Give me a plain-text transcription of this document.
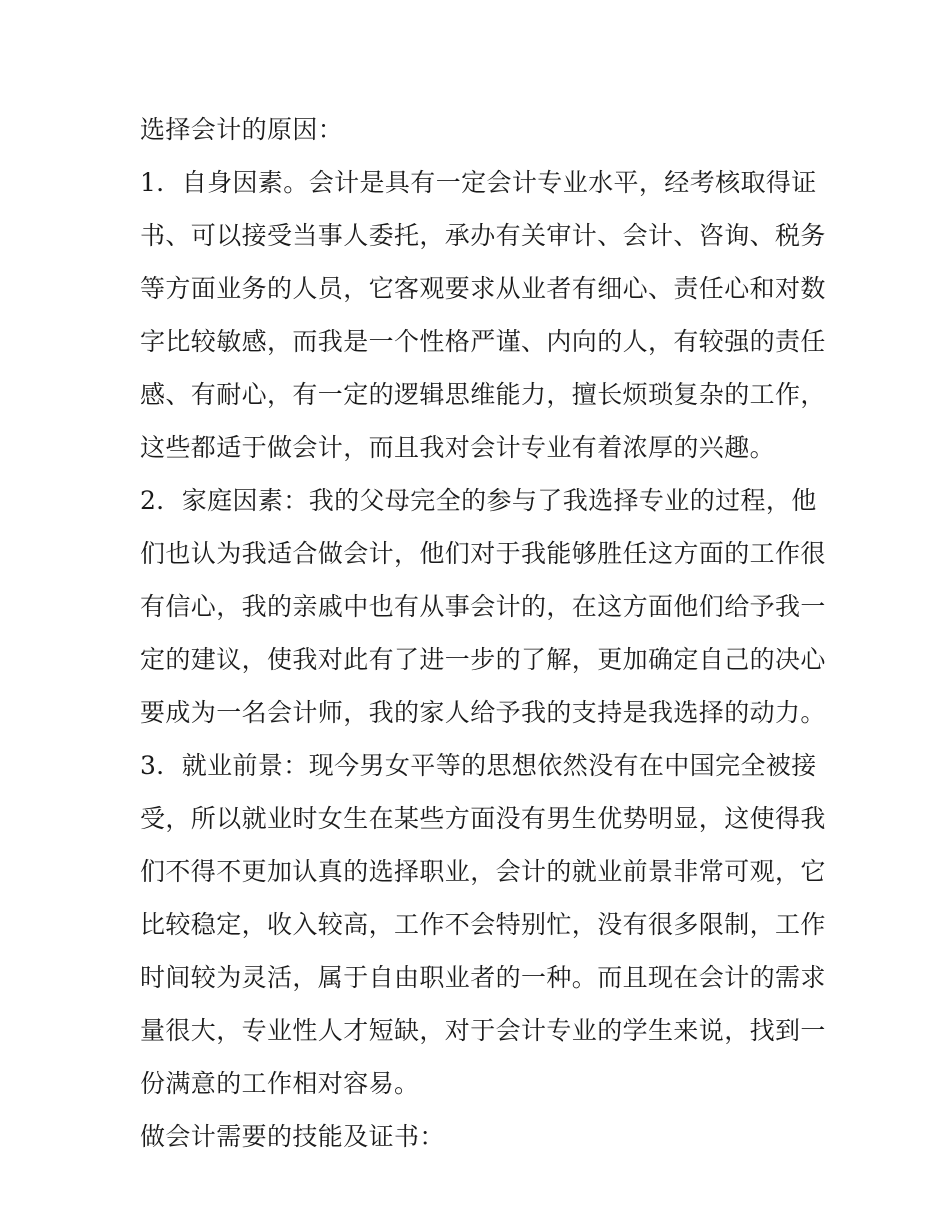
选择会计的原因：
1．自身因素。会计是具有一定会计专业水平，经考核取得证
书、可以接受当事人委托，承办有关审计、会计、咨询、税务
等方面业务的人员，它客观要求从业者有细心、责任心和对数
字比较敏感，而我是一个性格严谨、内向的人，有较强的责任
感、有耐心，有一定的逻辑思维能力，擅长烦琐复杂的工作，
这些都适于做会计，而且我对会计专业有着浓厚的兴趣。
2．家庭因素：我的父母完全的参与了我选择专业的过程，他
们也认为我适合做会计，他们对于我能够胜任这方面的工作很
有信心，我的亲戚中也有从事会计的，在这方面他们给予我一
定的建议，使我对此有了进一步的了解，更加确定自己的决心
要成为一名会计师，我的家人给予我的支持是我选择的动力。
3．就业前景：现今男女平等的思想依然没有在中国完全被接
受，所以就业时女生在某些方面没有男生优势明显，这使得我
们不得不更加认真的选择职业，会计的就业前景非常可观，它
比较稳定，收入较高，工作不会特别忙，没有很多限制，工作
时间较为灵活，属于自由职业者的一种。而且现在会计的需求
量很大，专业性人才短缺，对于会计专业的学生来说，找到一
份满意的工作相对容易。
做会计需要的技能及证书：
